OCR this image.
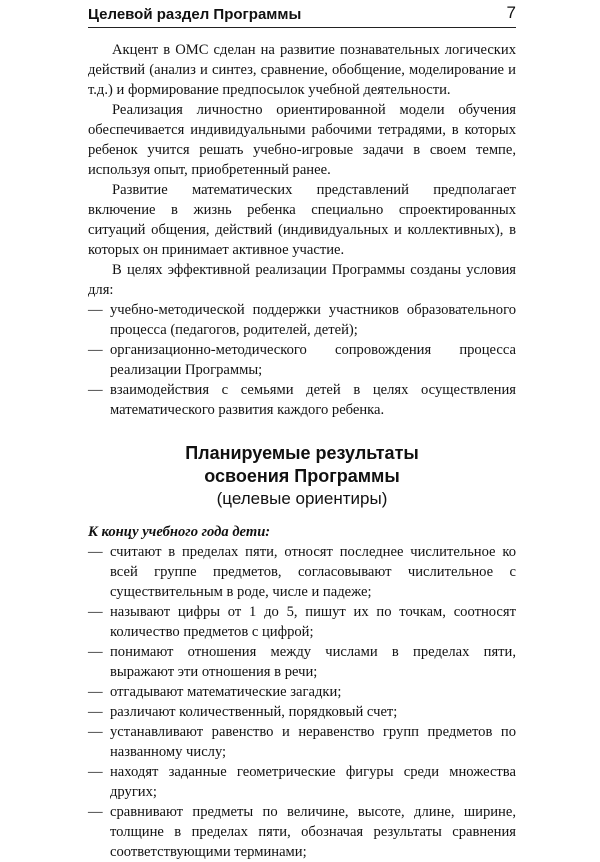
Целевой раздел Программы	7

Акцент в ОМС сделан на развитие познавательных логических действий (анализ и синтез, сравнение, обобщение, моделирование и т.д.) и формирование предпосылок учебной деятельности.

Реализация личностно ориентированной модели обучения обеспечивается индивидуальными рабочими тетрадями, в которых ребенок учится решать учебно-игровые задачи в своем темпе, используя опыт, приобретенный ранее.

Развитие математических представлений предполагает включение в жизнь ребенка специально спроектированных ситуаций общения, действий (индивидуальных и коллективных), в которых он принимает активное участие.

В целях эффективной реализации Программы созданы условия для:

— учебно-методической поддержки участников образовательного процесса (педагогов, родителей, детей);
— организационно-методического сопровождения процесса реализации Программы;
— взаимодействия с семьями детей в целях осуществления математического развития каждого ребенка.
Планируемые результаты
освоения Программы
(целевые ориентиры)

К концу учебного года дети:

— считают в пределах пяти, относят последнее числительное ко всей группе предметов, согласовывают числительное с существительным в роде, числе и падеже;
— называют цифры от 1 до 5, пишут их по точкам, соотносят количество предметов с цифрой;
— понимают отношения между числами в пределах пяти, выражают эти отношения в речи;
— отгадывают математические загадки;
— различают количественный, порядковый счет;
— устанавливают равенство и неравенство групп предметов по названному числу;
— находят заданные геометрические фигуры среди множества других;
— сравнивают предметы по величине, высоте, длине, ширине, толщине в пределах пяти, обозначая результаты сравнения соответствующими терминами;
